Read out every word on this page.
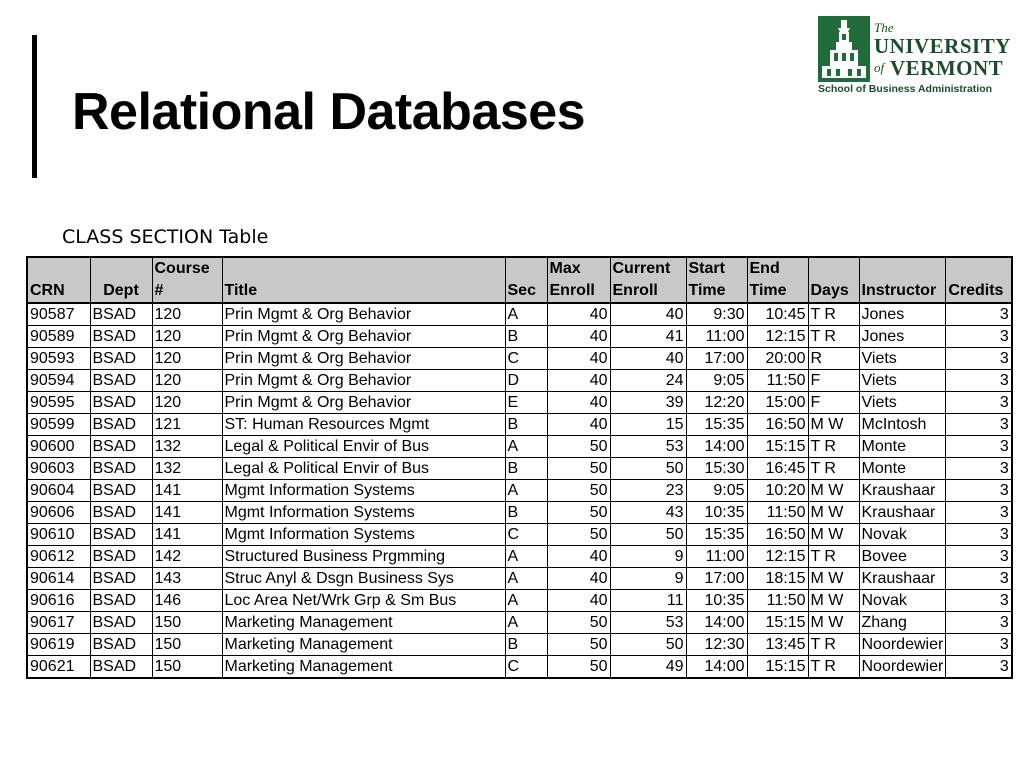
Relational Databases
The
UNIVERSITY
of VERMONT
School of Business Administration
CLASS SECTION Table
CRN	Dept	Course #	Title	Sec	Max Enroll	Current Enroll	Start Time	End Time	Days	Instructor	Credits
90587	BSAD	120	Prin Mgmt & Org Behavior	A	40	40	9:30	10:45	T R	Jones	3
90589	BSAD	120	Prin Mgmt & Org Behavior	B	40	41	11:00	12:15	T R	Jones	3
90593	BSAD	120	Prin Mgmt & Org Behavior	C	40	40	17:00	20:00	R	Viets	3
90594	BSAD	120	Prin Mgmt & Org Behavior	D	40	24	9:05	11:50	F	Viets	3
90595	BSAD	120	Prin Mgmt & Org Behavior	E	40	39	12:20	15:00	F	Viets	3
90599	BSAD	121	ST: Human Resources Mgmt	B	40	15	15:35	16:50	M W	McIntosh	3
90600	BSAD	132	Legal & Political Envir of Bus	A	50	53	14:00	15:15	T R	Monte	3
90603	BSAD	132	Legal & Political Envir of Bus	B	50	50	15:30	16:45	T R	Monte	3
90604	BSAD	141	Mgmt Information Systems	A	50	23	9:05	10:20	M W	Kraushaar	3
90606	BSAD	141	Mgmt Information Systems	B	50	43	10:35	11:50	M W	Kraushaar	3
90610	BSAD	141	Mgmt Information Systems	C	50	50	15:35	16:50	M W	Novak	3
90612	BSAD	142	Structured Business Prgmming	A	40	9	11:00	12:15	T R	Bovee	3
90614	BSAD	143	Struc Anyl & Dsgn Business Sys	A	40	9	17:00	18:15	M W	Kraushaar	3
90616	BSAD	146	Loc Area Net/Wrk Grp & Sm Bus	A	40	11	10:35	11:50	M W	Novak	3
90617	BSAD	150	Marketing Management	A	50	53	14:00	15:15	M W	Zhang	3
90619	BSAD	150	Marketing Management	B	50	50	12:30	13:45	T R	Noordewier	3
90621	BSAD	150	Marketing Management	C	50	49	14:00	15:15	T R	Noordewier	3
